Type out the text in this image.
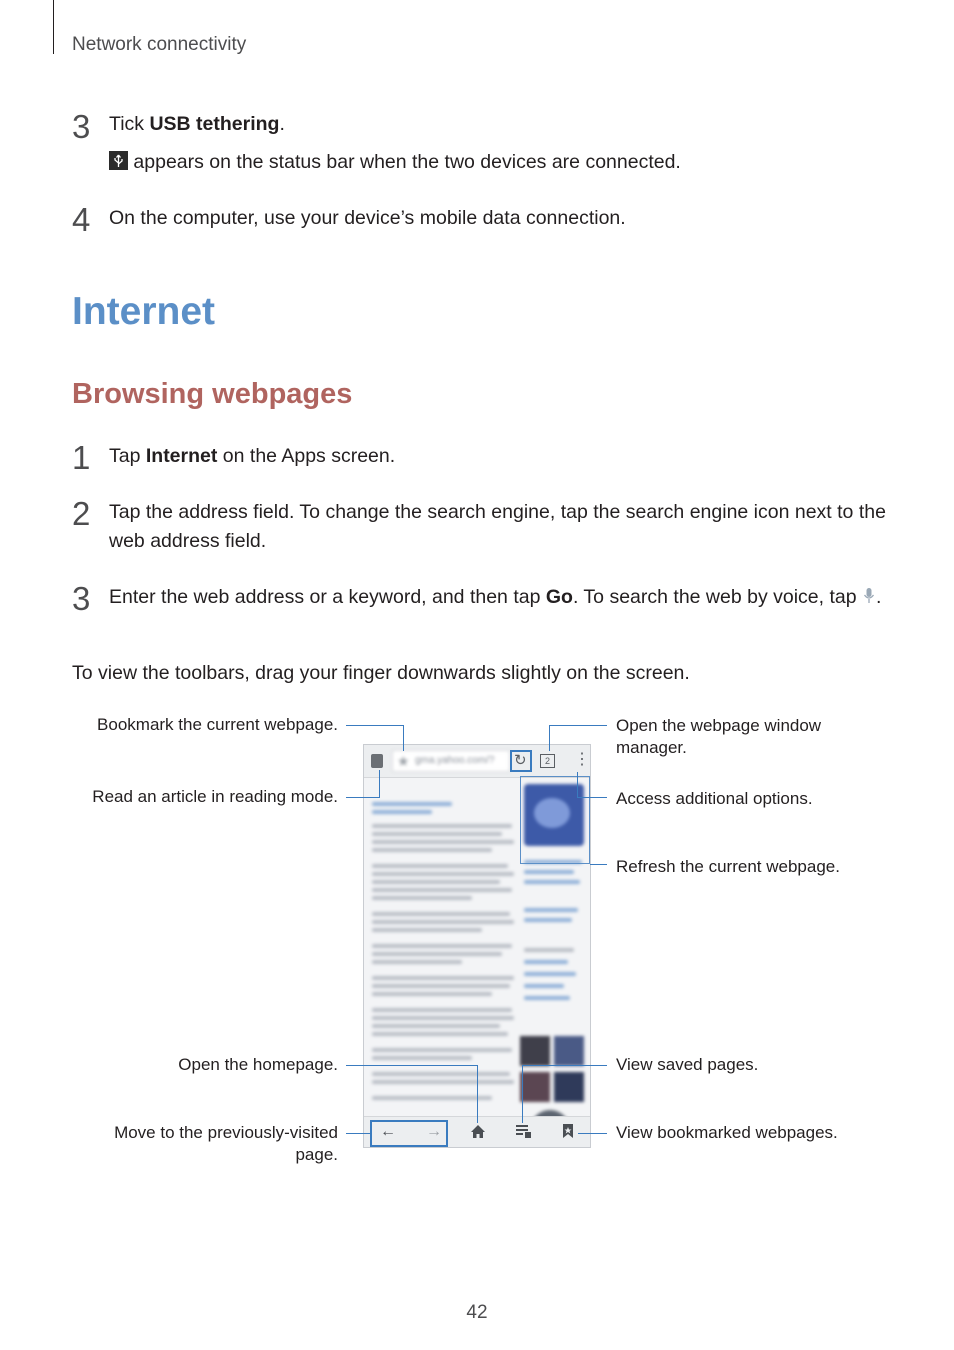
Network connectivity
3 Tick USB tethering.
appears on the status bar when the two devices are connected.
4 On the computer, use your device’s mobile data connection.
Internet
Browsing webpages
1 Tap Internet on the Apps screen.
2 Tap the address field. To change the search engine, tap the search engine icon next to the
web address field.
3 Enter the web address or a keyword, and then tap Go. To search the web by voice, tap .
To view the toolbars, drag your finger downwards slightly on the screen.
★ gma.yahoo.com/? ↻	2	⋮
← →
Bookmark the current webpage.
Read an article in reading mode.
Open the homepage.
Move to the previously-visited
page.
Open the webpage window
manager.
Access additional options.
Refresh the current webpage.
View saved pages.
View bookmarked webpages.
42
